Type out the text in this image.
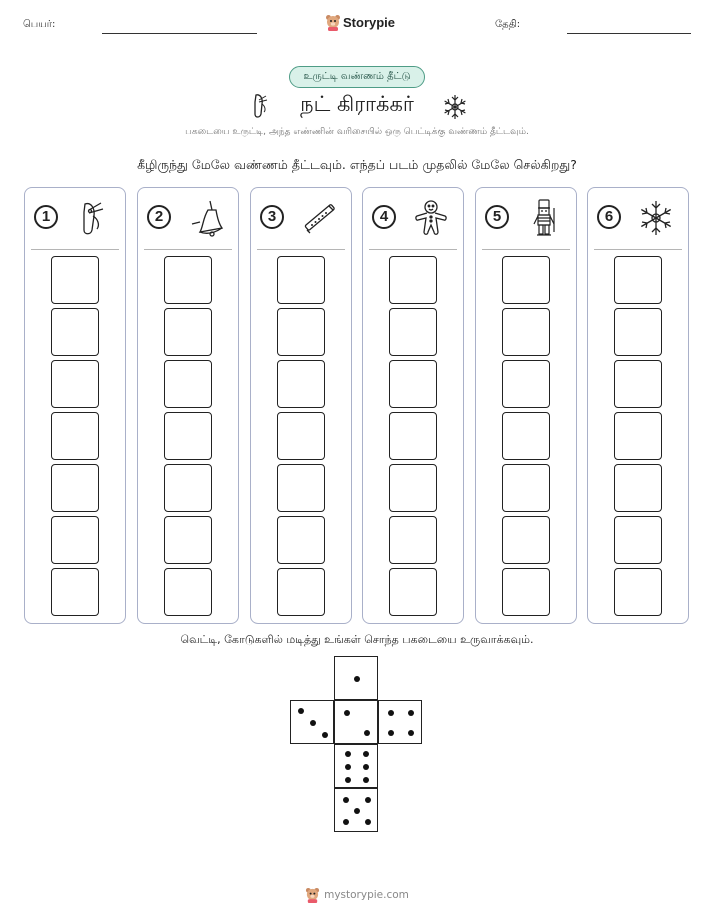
பெயர்:	Storypie	தேதி:
உருட்டி வண்ணம் தீட்டு
நட் கிராக்கர்
பகடையை உருட்டி, அந்த எண்ணின் வரிசையில் ஒரு பெட்டிக்கு வண்ணம் தீட்டவும்.
கீழிருந்து மேலே வண்ணம் தீட்டவும். எந்தப் படம் முதலில் மேலே செல்கிறது?
1	2	3	4	5	6
வெட்டி, கோடுகளில் மடித்து உங்கள் சொந்த பகடையை உருவாக்கவும்.
mystorypie.com
